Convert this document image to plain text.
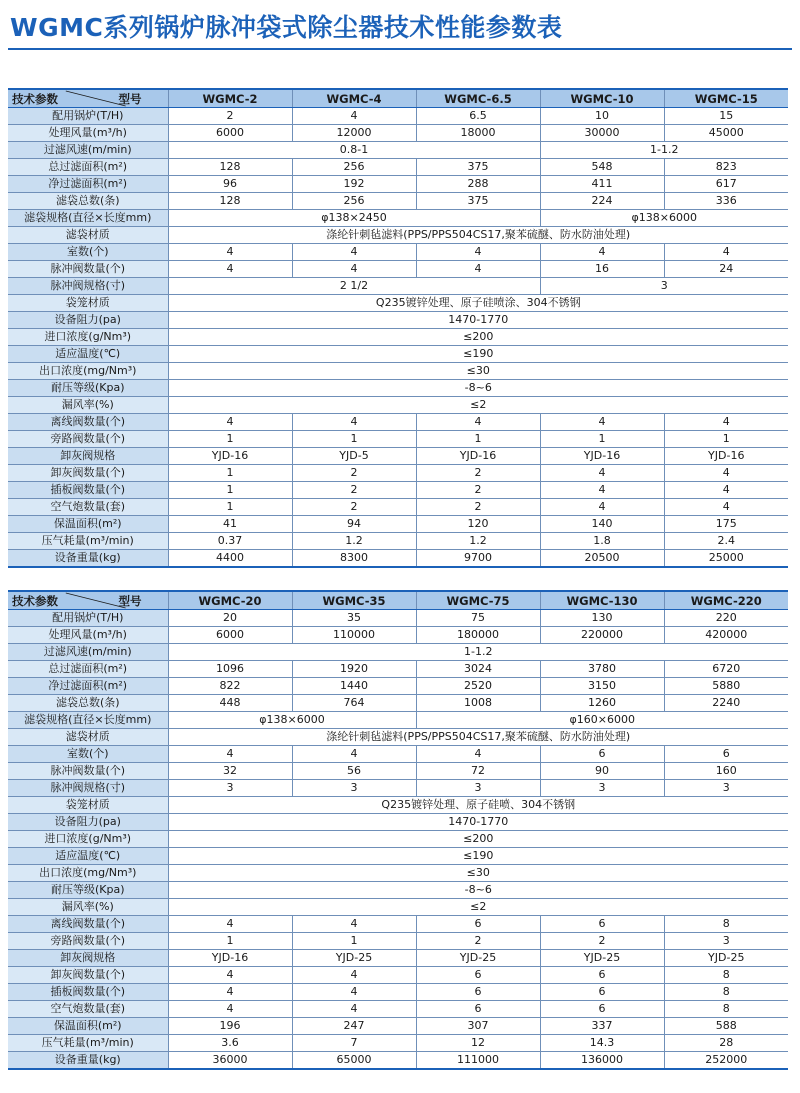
WGMC系列锅炉脉冲袋式除尘器技术性能参数表
技术参数 型号	WGMC-2	WGMC-4	WGMC-6.5	WGMC-10	WGMC-15
配用锅炉(T/H)	2	4	6.5	10	15
处理风量(m³/h)	6000	12000	18000	30000	45000
过滤风速(m/min)	0.8-1			1-1.2	
总过滤面积(m²)	128	256	375	548	823
净过滤面积(m²)	96	192	288	411	617
滤袋总数(条)	128	256	375	224	336
滤袋规格(直径×长度mm)	φ138×2450			φ138×6000	
滤袋材质	涤纶针刺毡滤料(PPS/PPS504CS17,聚苯硫醚、防水防油处理)				
室数(个)	4	4	4	4	4
脉冲阀数量(个)	4	4	4	16	24
脉冲阀规格(寸)	2 1/2			3	
袋笼材质	Q235镀锌处理、原子硅喷涂、304不锈钢				
设备阻力(pa)	1470-1770				
进口浓度(g/Nm³)	≤200				
适应温度(℃)	≤190				
出口浓度(mg/Nm³)	≤30				
耐压等级(Kpa)	-8~6				
漏风率(%)	≤2				
离线阀数量(个)	4	4	4	4	4
旁路阀数量(个)	1	1	1	1	1
卸灰阀规格	YJD-16	YJD-5	YJD-16	YJD-16	YJD-16
卸灰阀数量(个)	1	2	2	4	4
插板阀数量(个)	1	2	2	4	4
空气炮数量(套)	1	2	2	4	4
保温面积(m²)	41	94	120	140	175
压气耗量(m³/min)	0.37	1.2	1.2	1.8	2.4
设备重量(kg)	4400	8300	9700	20500	25000
技术参数 型号	WGMC-20	WGMC-35	WGMC-75	WGMC-130	WGMC-220
配用锅炉(T/H)	20	35	75	130	220
处理风量(m³/h)	6000	110000	180000	220000	420000
过滤风速(m/min)	1-1.2				
总过滤面积(m²)	1096	1920	3024	3780	6720
净过滤面积(m²)	822	1440	2520	3150	5880
滤袋总数(条)	448	764	1008	1260	2240
滤袋规格(直径×长度mm)	φ138×6000		φ160×6000		
滤袋材质	涤纶针刺毡滤料(PPS/PPS504CS17,聚苯硫醚、防水防油处理)				
室数(个)	4	4	4	6	6
脉冲阀数量(个)	32	56	72	90	160
脉冲阀规格(寸)	3	3	3	3	3
袋笼材质	Q235镀锌处理、原子硅喷、304不锈钢				
设备阻力(pa)	1470-1770				
进口浓度(g/Nm³)	≤200				
适应温度(℃)	≤190				
出口浓度(mg/Nm³)	≤30				
耐压等级(Kpa)	-8~6				
漏风率(%)	≤2				
离线阀数量(个)	4	4	6	6	8
旁路阀数量(个)	1	1	2	2	3
卸灰阀规格	YJD-16	YJD-25	YJD-25	YJD-25	YJD-25
卸灰阀数量(个)	4	4	6	6	8
插板阀数量(个)	4	4	6	6	8
空气炮数量(套)	4	4	6	6	8
保温面积(m²)	196	247	307	337	588
压气耗量(m³/min)	3.6	7	12	14.3	28
设备重量(kg)	36000	65000	111000	136000	252000
